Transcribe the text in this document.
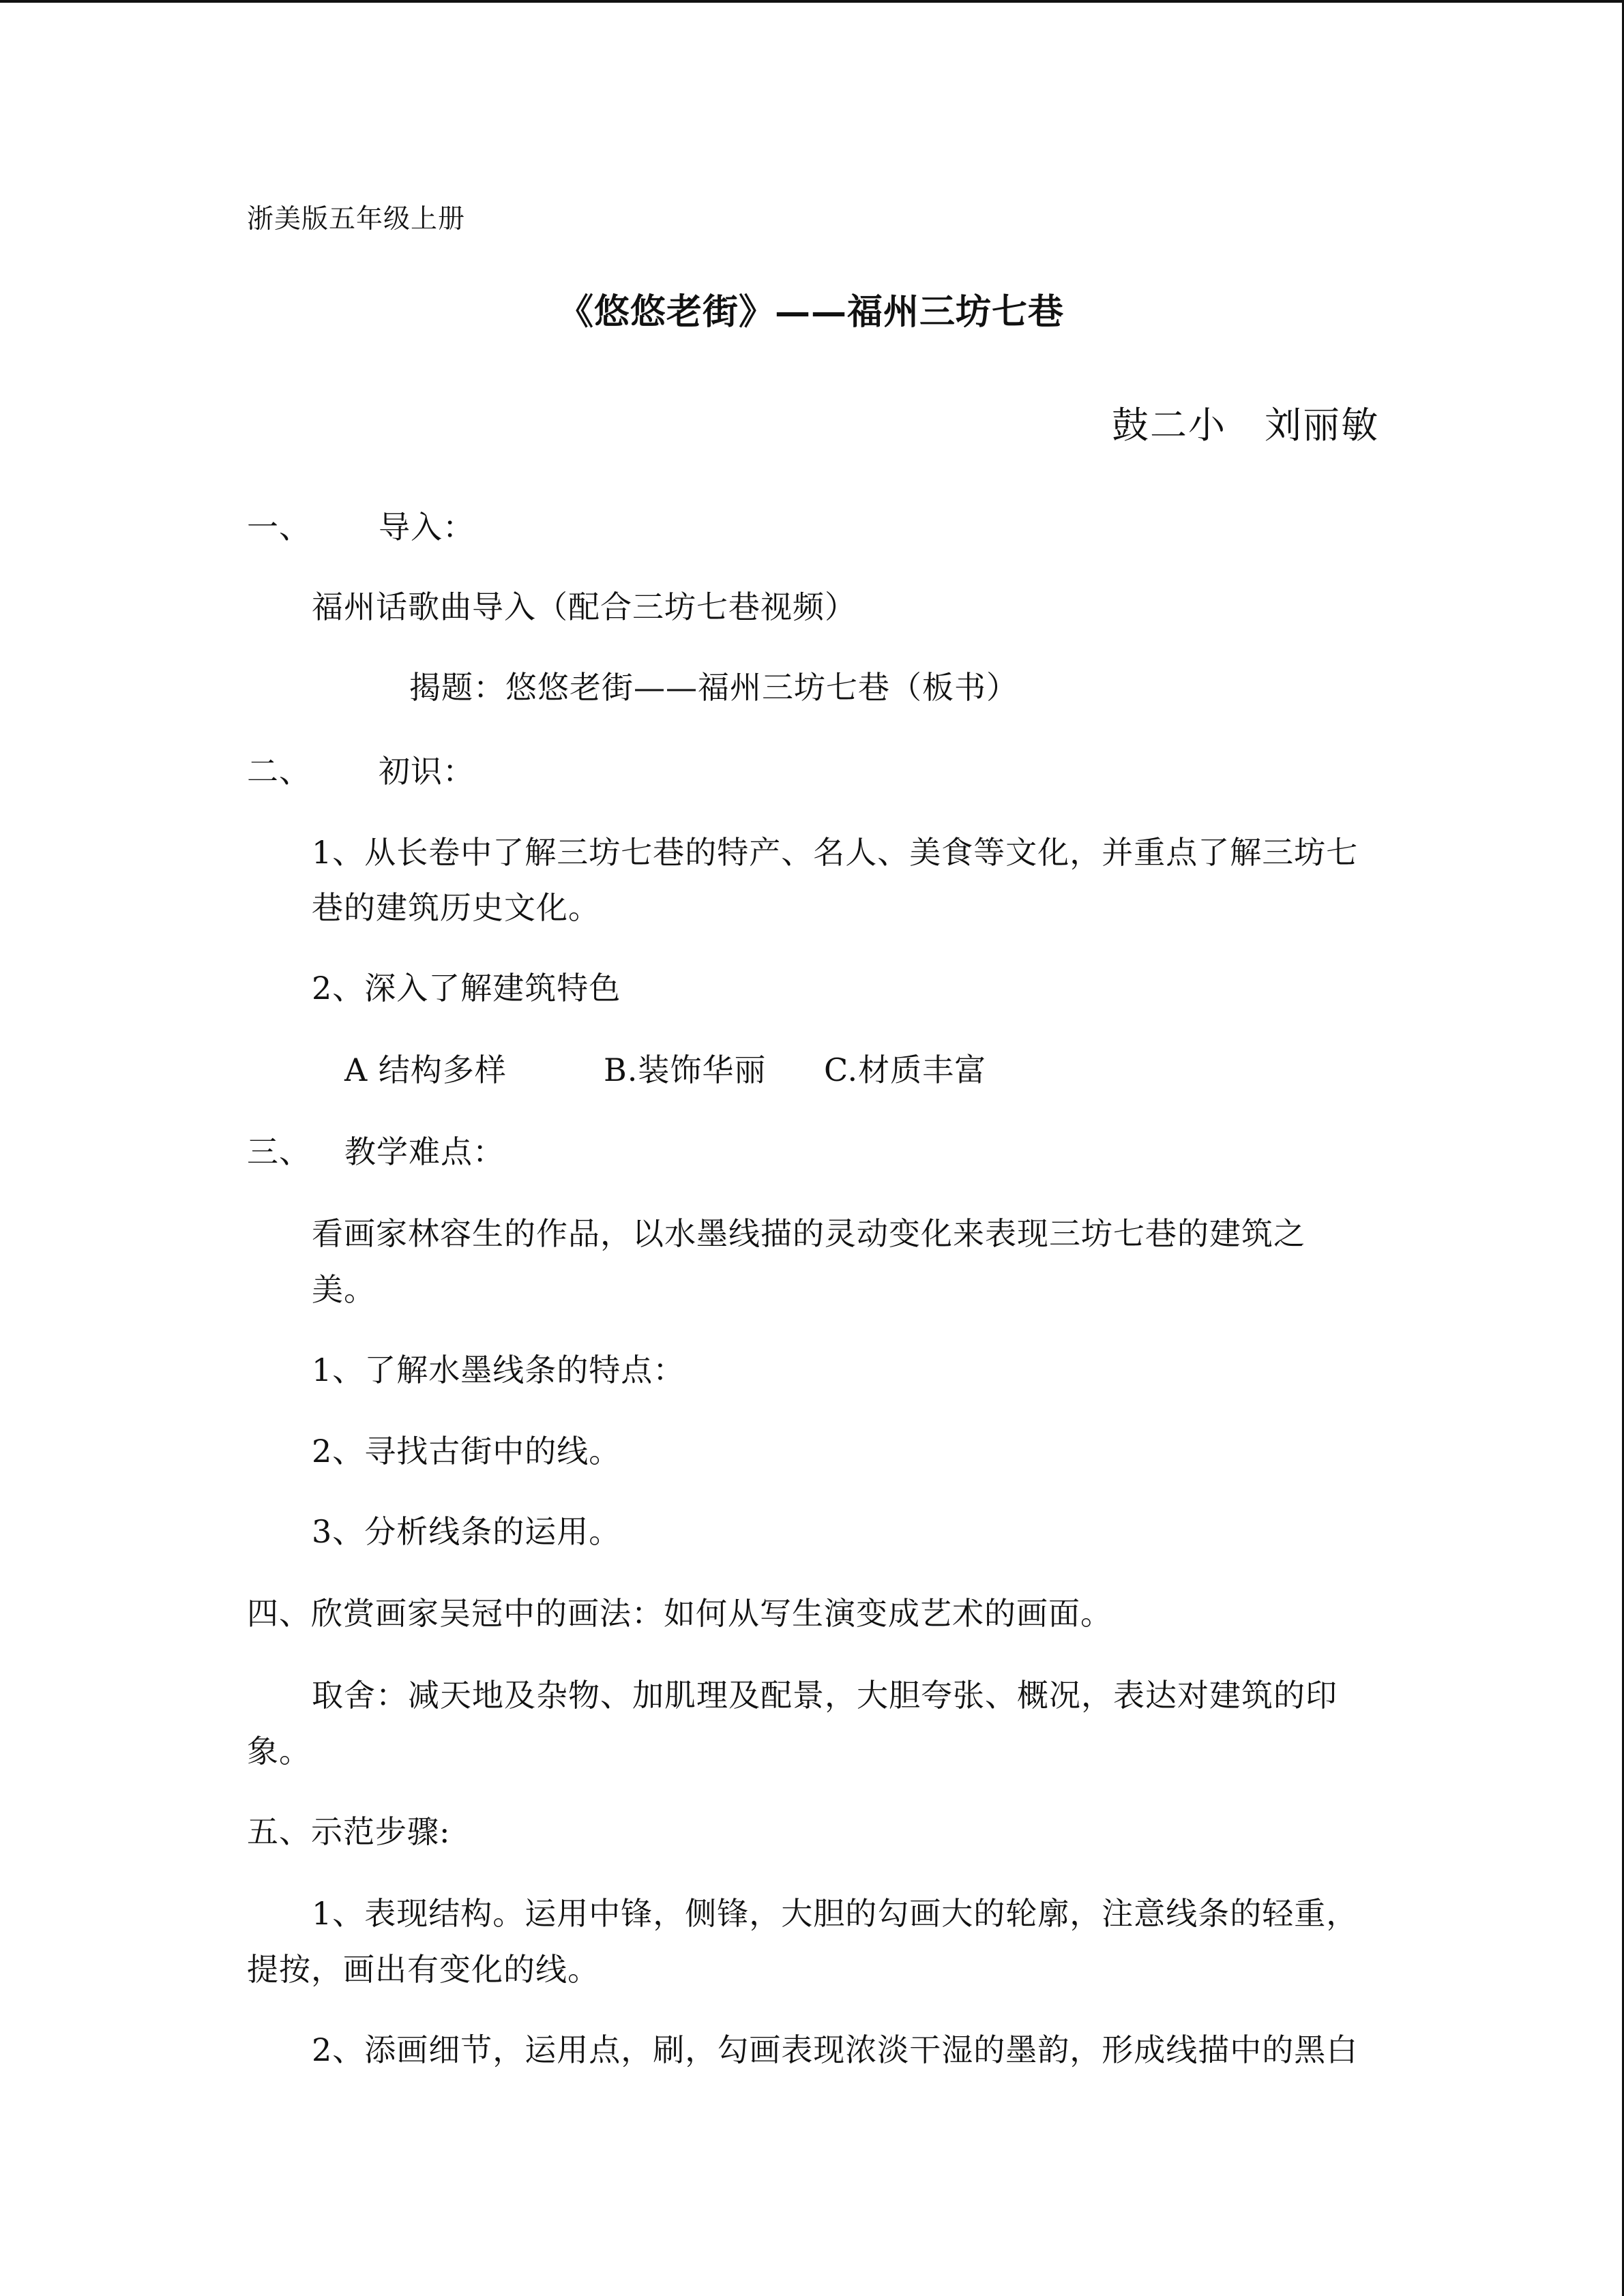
浙美版五年级上册
《悠悠老街》——福州三坊七巷
鼓二小　刘丽敏
一、 导入：
福州话歌曲导入（配合三坊七巷视频）
揭题：悠悠老街——福州三坊七巷（板书）
二、 初识：
1、从长卷中了解三坊七巷的特产、名人、美食等文化，并重点了解三坊七
巷的建筑历史文化。
2、深入了解建筑特色
A 结构多样	B.装饰华丽 C.材质丰富
三、 教学难点：
看画家林容生的作品，以水墨线描的灵动变化来表现三坊七巷的建筑之
美。
1、了解水墨线条的特点：
2、寻找古街中的线。
3、分析线条的运用。
四、欣赏画家吴冠中的画法：如何从写生演变成艺术的画面。
取舍：减天地及杂物、加肌理及配景，大胆夸张、概况，表达对建筑的印
象。
五、示范步骤:
1、表现结构。运用中锋，侧锋，大胆的勾画大的轮廓，注意线条的轻重，
提按，画出有变化的线。
2、添画细节，运用点，刷，勾画表现浓淡干湿的墨韵，形成线描中的黑白
